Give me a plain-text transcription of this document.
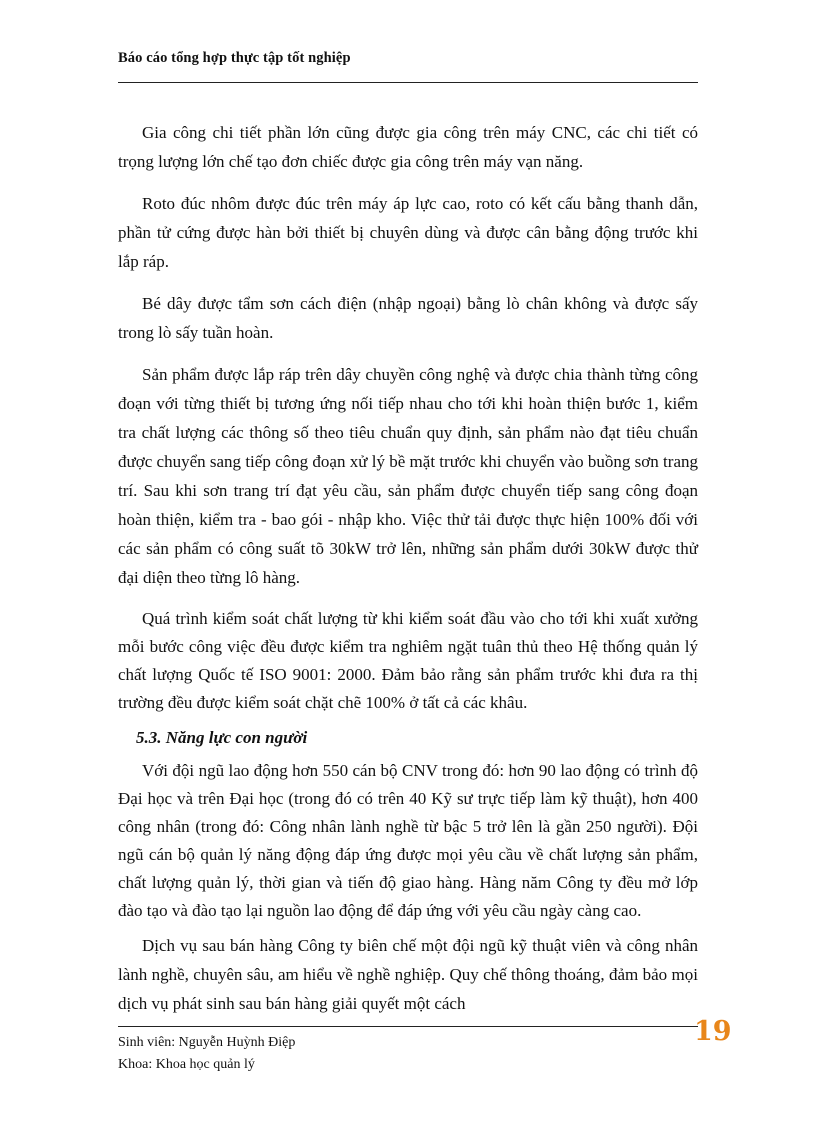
Báo cáo tổng hợp thực tập tốt nghiệp

Gia công chi tiết phần lớn cũng được gia công trên máy CNC, các chi tiết có trọng lượng lớn chế tạo đơn chiếc được gia công trên máy vạn năng.

Roto đúc nhôm được đúc trên máy áp lực cao, roto có kết cấu bằng thanh dẫn, phần tử cứng được hàn bởi thiết bị chuyên dùng và được cân bằng động trước khi lắp ráp.

Bé dây được tẩm sơn cách điện (nhập ngoại) bằng lò chân không và được sấy trong lò sấy tuần hoàn.

Sản phẩm được lắp ráp trên dây chuyền công nghệ và được chia thành từng công đoạn với từng thiết bị tương ứng nối tiếp nhau cho tới khi hoàn thiện bước 1, kiểm tra chất lượng các thông số theo tiêu chuẩn quy định, sản phẩm nào đạt tiêu chuẩn được chuyển sang tiếp công đoạn xử lý bề mặt trước khi chuyển vào buồng sơn trang trí. Sau khi sơn trang trí đạt yêu cầu, sản phẩm được chuyển tiếp sang công đoạn hoàn thiện, kiểm tra - bao gói - nhập kho. Việc thử tải được thực hiện 100% đối với các sản phẩm có công suất tõ 30kW trở lên, những sản phẩm dưới 30kW được thử đại diện theo từng lô hàng.

Quá trình kiểm soát chất lượng từ khi kiểm soát đầu vào cho tới khi xuất xưởng mỗi bước công việc đều được kiểm tra nghiêm ngặt tuân thủ theo Hệ thống quản lý chất lượng Quốc tế ISO 9001: 2000. Đảm bảo rằng sản phẩm trước khi đưa ra thị trường đều được kiểm soát chặt chẽ 100% ở tất cả các khâu.

5.3. Năng lực con người

Với đội ngũ lao động hơn 550 cán bộ CNV trong đó: hơn 90 lao động có trình độ Đại học và trên Đại học (trong đó có trên 40 Kỹ sư trực tiếp làm kỹ thuật), hơn 400 công nhân (trong đó: Công nhân lành nghề từ bậc 5 trở lên là gần 250 người). Đội ngũ cán bộ quản lý năng động đáp ứng được mọi yêu cầu về chất lượng sản phẩm, chất lượng quản lý, thời gian và tiến độ giao hàng. Hàng năm Công ty đều mở lớp đào tạo và đào tạo lại nguồn lao động để đáp ứng với yêu cầu ngày càng cao.

Dịch vụ sau bán hàng Công ty biên chế một đội ngũ kỹ thuật viên và công nhân lành nghề, chuyên sâu, am hiểu về nghề nghiệp. Quy chế thông thoáng, đảm bảo mọi dịch vụ phát sinh sau bán hàng giải quyết một cách

Sinh viên: Nguyễn Huỳnh Điệp
Khoa: Khoa học quản lý
19
